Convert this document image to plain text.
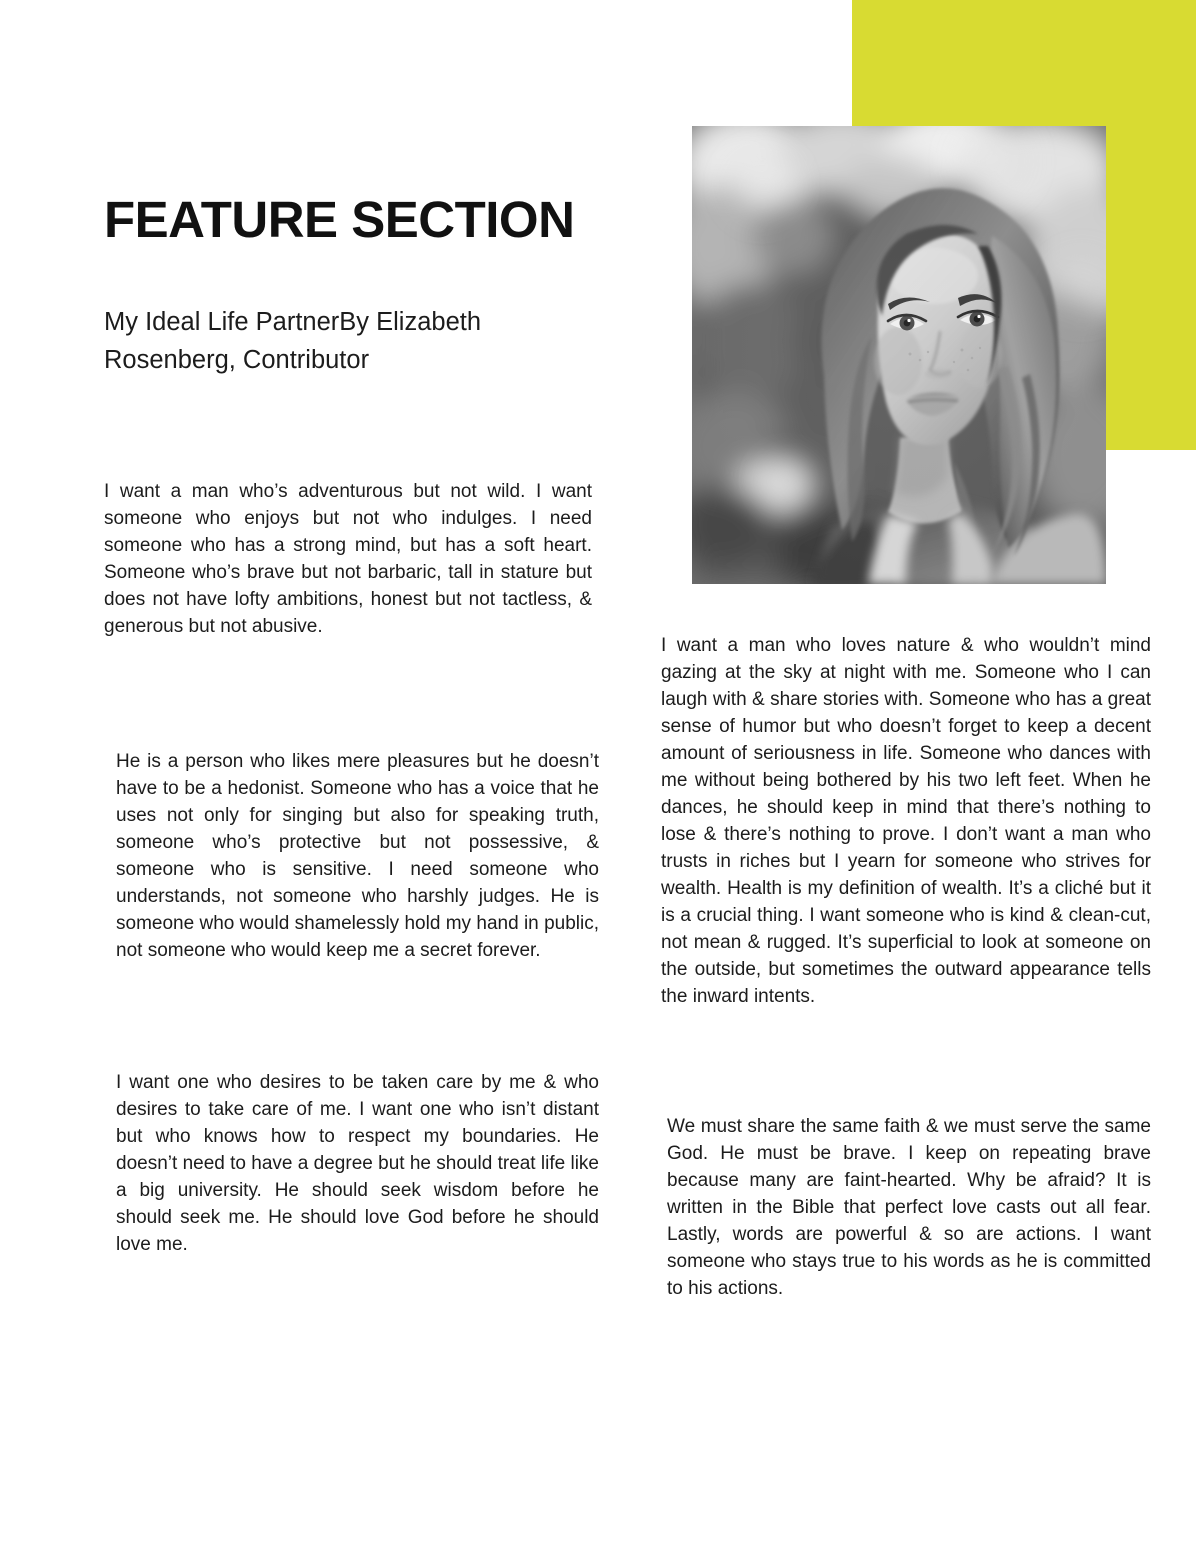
FEATURE SECTION

My Ideal Life PartnerBy Elizabeth Rosenberg, Contributor

I want a man who’s adventurous but not wild. I want someone who enjoys but not who indulges. I need someone who has a strong mind, but has a soft heart. Someone who’s brave but not barbaric, tall in stature but does not have lofty ambitions, honest but not tactless, & generous but not abusive.

He is a person who likes mere pleasures but he doesn’t have to be a hedonist. Someone who has a voice that he uses not only for singing but also for speaking truth, someone who’s protective but not possessive, & someone who is sensitive. I need someone who understands, not someone who harshly judges. He is someone who would shamelessly hold my hand in public, not someone who would keep me a secret forever.

I want one who desires to be taken care by me & who desires to take care of me. I want one who isn’t distant but who knows how to respect my boundaries. He doesn’t need to have a degree but he should treat life like a big university. He should seek wisdom before he should seek me. He should love God before he should love me.

I want a man who loves nature & who wouldn’t mind gazing at the sky at night with me. Someone who I can laugh with & share stories with. Someone who has a great sense of humor but who doesn’t forget to keep a decent amount of seriousness in life. Someone who dances with me without being bothered by his two left feet. When he dances, he should keep in mind that there’s nothing to lose & there’s nothing to prove. I don’t want a man who trusts in riches but I yearn for someone who strives for wealth. Health is my definition of wealth. It’s a cliché but it is a crucial thing. I want someone who is kind & clean-cut, not mean & rugged. It’s superficial to look at someone on the outside, but sometimes the outward appearance tells the inward intents.

We must share the same faith & we must serve the same God. He must be brave. I keep on repeating brave because many are faint-hearted. Why be afraid? It is written in the Bible that perfect love casts out all fear. Lastly, words are powerful & so are actions. I want someone who stays true to his words as he is committed to his actions.
